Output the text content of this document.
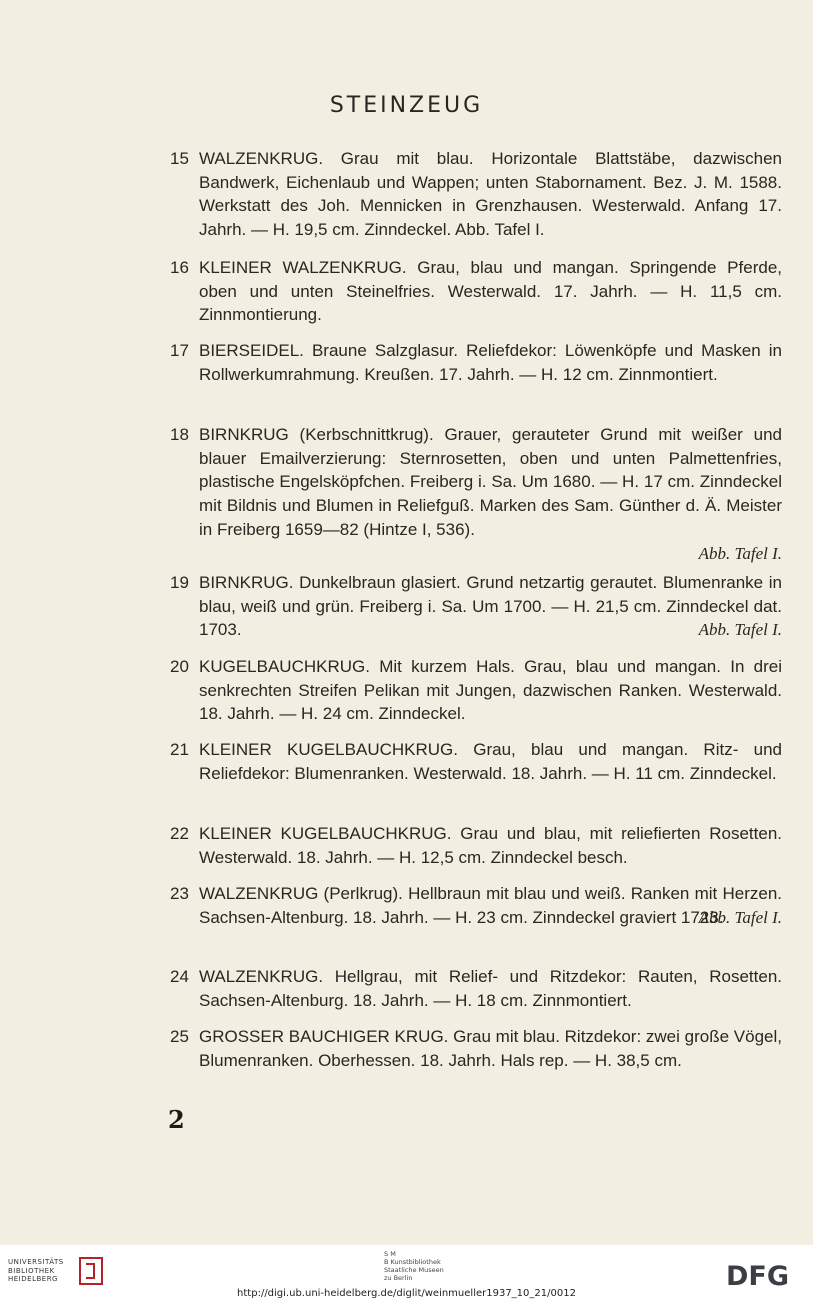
STEINZEUG
15 WALZENKRUG. Grau mit blau. Horizontale Blattstäbe, dazwischen Bandwerk, Eichenlaub und Wappen; unten Stabornament. Bez. J. M. 1588. Werkstatt des Joh. Mennicken in Grenzhausen. Westerwald. Anfang 17. Jahrh. — H. 19,5 cm. Zinndeckel. Abb. Tafel I.
16 KLEINER WALZENKRUG. Grau, blau und mangan. Springende Pferde, oben und unten Steinelfries. Westerwald. 17. Jahrh. — H. 11,5 cm. Zinnmontierung.
17 BIERSEIDEL. Braune Salzglasur. Reliefdekor: Löwenköpfe und Masken in Rollwerkumrahmung. Kreußen. 17. Jahrh. — H. 12 cm. Zinnmontiert.
18 BIRNKRUG (Kerbschnittkrug). Grauer, gerauteter Grund mit weißer und blauer Emailverzierung: Sternrosetten, oben und unten Palmettenfries, plastische Engelsköpfchen. Freiberg i. Sa. Um 1680. — H. 17 cm. Zinndeckel mit Bildnis und Blumen in Reliefguß. Marken des Sam. Günther d. Ä. Meister in Freiberg 1659—82 (Hintze I, 536).
Abb. Tafel I.
19 BIRNKRUG. Dunkelbraun glasiert. Grund netzartig gerautet. Blumenranke in blau, weiß und grün. Freiberg i. Sa. Um 1700. — H. 21,5 cm. Zinndeckel dat. 1703.	Abb. Tafel I.
20 KUGELBAUCHKRUG. Mit kurzem Hals. Grau, blau und mangan. In drei senkrechten Streifen Pelikan mit Jungen, dazwischen Ranken. Westerwald. 18. Jahrh. — H. 24 cm. Zinndeckel.
21 KLEINER KUGELBAUCHKRUG. Grau, blau und mangan. Ritz- und Reliefdekor: Blumenranken. Westerwald. 18. Jahrh. — H. 11 cm. Zinndeckel.
22 KLEINER KUGELBAUCHKRUG. Grau und blau, mit reliefierten Rosetten. Westerwald. 18. Jahrh. — H. 12,5 cm. Zinndeckel besch.
23 WALZENKRUG (Perlkrug). Hellbraun mit blau und weiß. Ranken mit Herzen. Sachsen-Altenburg. 18. Jahrh. — H. 23 cm. Zinndeckel graviert 1723.
Abb. Tafel I.
24 WALZENKRUG. Hellgrau, mit Relief- und Ritzdekor: Rauten, Rosetten. Sachsen-Altenburg. 18. Jahrh. — H. 18 cm. Zinnmontiert.
25 GROSSER BAUCHIGER KRUG. Grau mit blau. Ritzdekor: zwei große Vögel, Blumenranken. Oberhessen. 18. Jahrh. Hals rep. — H. 38,5 cm.
2
UNIVERSITÄTS
BIBLIOTHEK
HEIDELBERG
S M
B Kunstbibliothek
Staatliche Museen
zu Berlin	DFG
http://digi.ub.uni-heidelberg.de/diglit/weinmueller1937_10_21/0012
